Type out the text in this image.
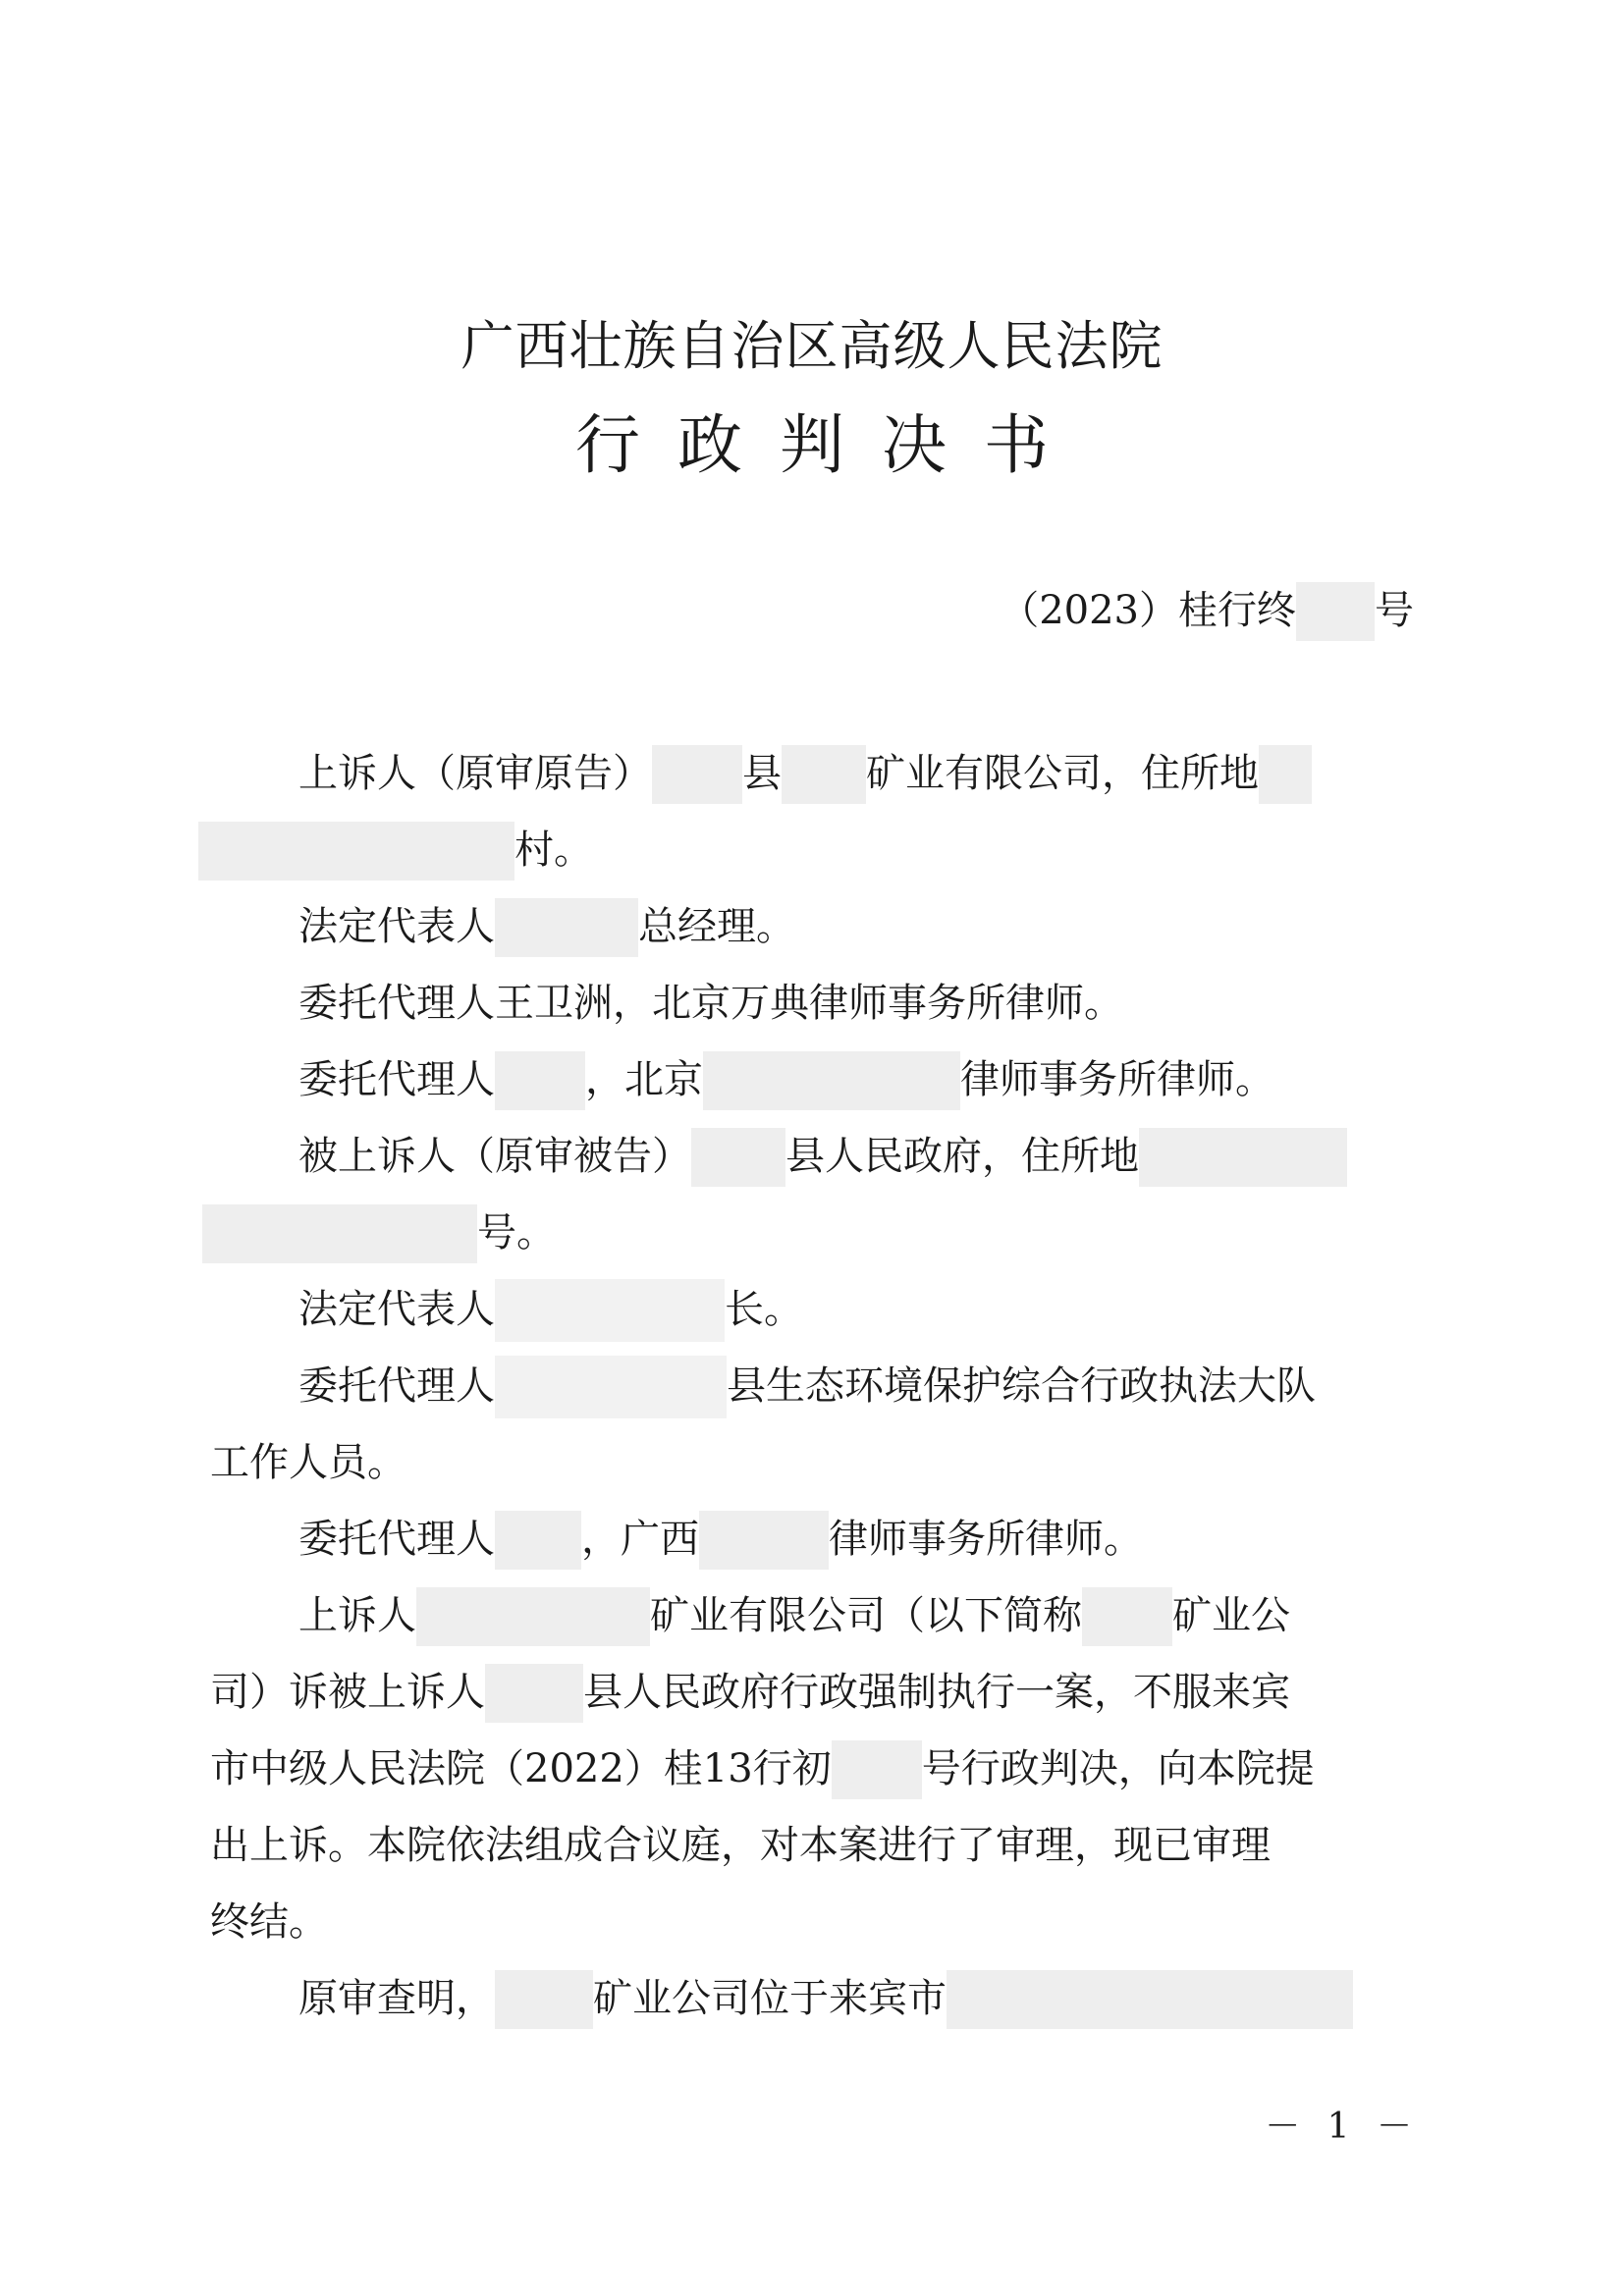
广西壮族自治区高级人民法院
行政判决书
（2023）桂行终 号
上诉人（原审原告） 县 矿业有限公司，住所地
村。
法定代表人	总经理。
委托代理人王卫洲，北京万典律师事务所律师。
委托代理人 ，北京	律师事务所律师。
被上诉人（原审被告） 县人民政府，住所地
号。
法定代表人	长。
委托代理人	县生态环境保护综合行政执法大队
工作人员。
委托代理人 ，广西	律师事务所律师。
上诉人	矿业有限公司（以下简称 矿业公
司）诉被上诉人	县人民政府行政强制执行一案，不服来宾
市中级人民法院（2022）桂13行初 号行政判决，向本院提
出上诉。本院依法组成合议庭，对本案进行了审理，现已审理
终结。
原审查明，	矿业公司位于来宾市
－ 1 －
